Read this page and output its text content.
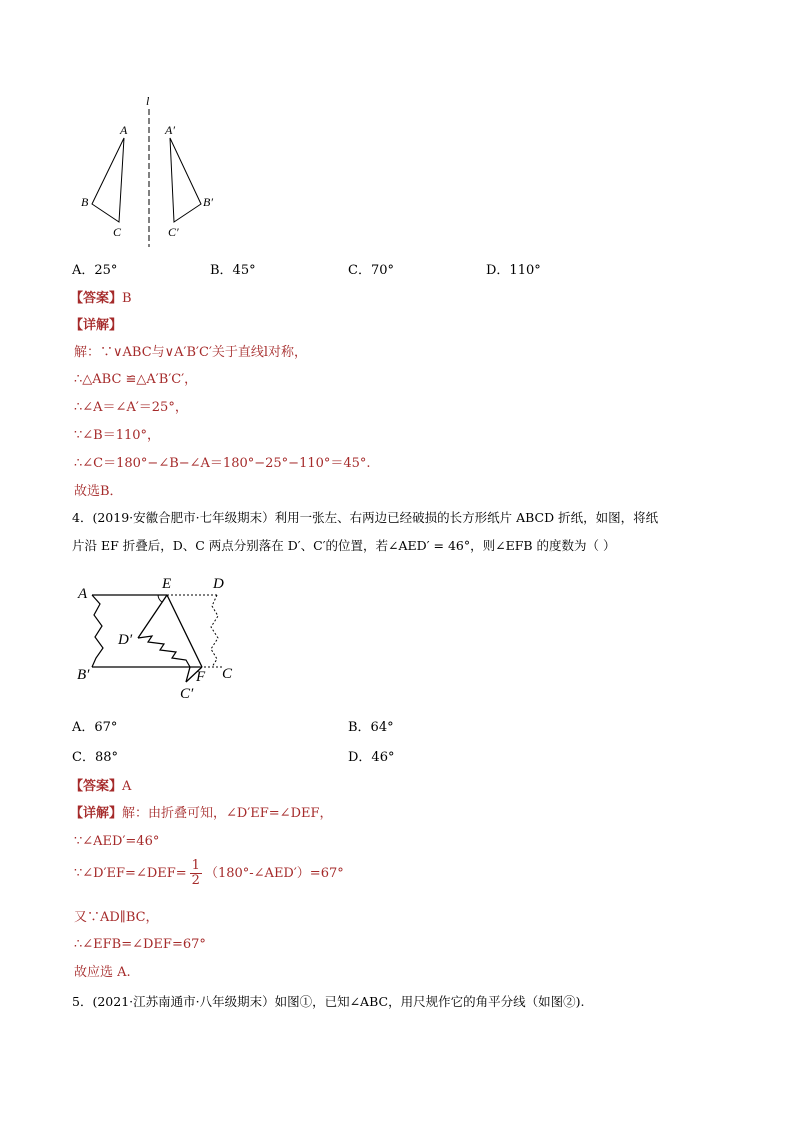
l
A
B
C
A′
B′
C′
A．25°	B．45°	C．70°	D．110°
【答案】B
【详解】
解：∵∨ABC与∨A′B′C′关于直线l对称，
∴△ABC ≌△A′B′C′，
∴∠A＝∠A′＝25°，
∵∠B＝110°，
∴∠C＝180°−∠B−∠A＝180°−25°−110°＝45°.
故选B．
4．(2019·安徽合肥市·七年级期末）利用一张左、右两边已经破损的长方形纸片 ABCD 折纸，如图，将纸
片沿 EF 折叠后，D、C 两点分别落在 D′、C′的位置，若∠AED′ = 46°，则∠EFB 的度数为（ ）
A
E	D
D′
B′	F C
C′
A．67°	B．64°
C．88°	D．46°
【答案】A
【详解】解：由折叠可知，∠D′EF=∠DEF，
∵∠AED′=46°
∵∠D′EF=∠DEF= $\frac{1}{2}$ （180°-∠AED′）=67°
又∵AD∥BC，
∴∠EFB=∠DEF=67°
故应选 A.
5．(2021·江苏南通市·八年级期末）如图①，已知∠ABC，用尺规作它的角平分线（如图②).
